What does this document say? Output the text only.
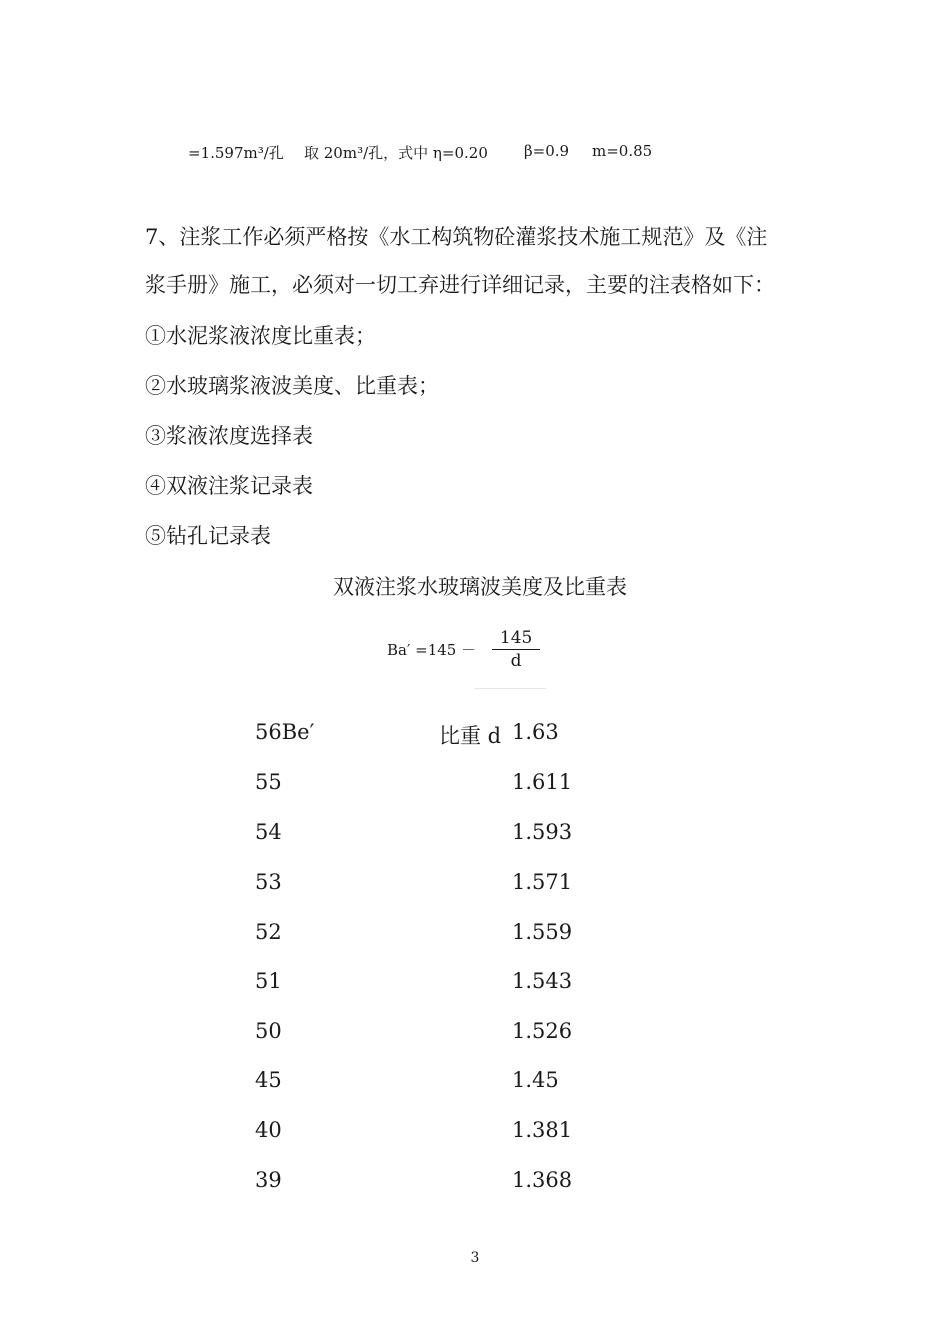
=1.597m³/孔	取 20m³/孔，式中 η=0.20	β=0.9	m=0.85
7、注浆工作必须严格按《水工构筑物砼灌浆技术施工规范》及《注
浆手册》施工，必须对一切工弃进行详细记录，主要的注表格如下：
①水泥浆液浓度比重表；
②水玻璃浆液波美度、比重表；
③浆液浓度选择表
④双液注浆记录表
⑤钻孔记录表
双液注浆水玻璃波美度及比重表
$Ba' =145 - \frac{145}{d}$
56Be′	比重 d 1.63
55	1.611
54	1.593
53	1.571
52	1.559
51	1.543
50	1.526
45	1.45
40	1.381
39	1.368
3
